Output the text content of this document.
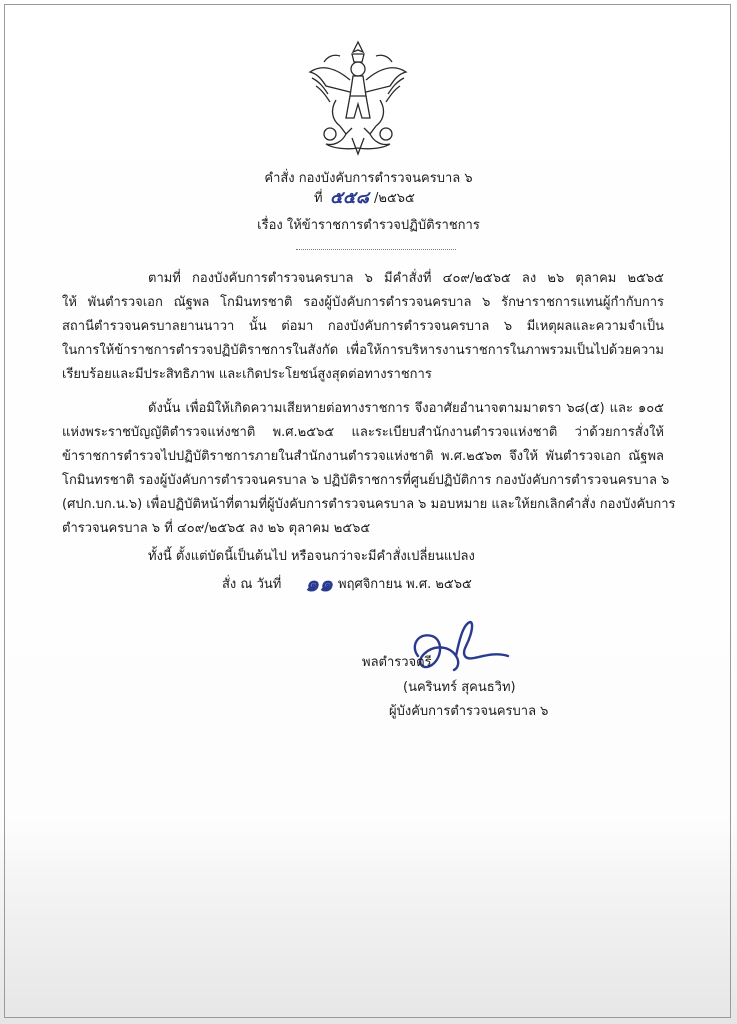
คำสั่ง กองบังคับการตำรวจนครบาล ๖
ที่ ๕๕๘ /๒๕๖๕
เรื่อง ให้ข้าราชการตำรวจปฏิบัติราชการ
ตามที่ กองบังคับการตำรวจนครบาล ๖ มีคำสั่งที่ ๔๐๙/๒๕๖๕ ลง ๒๖ ตุลาคม ๒๕๖๕
ให้ พันตำรวจเอก ณัฐพล โกมินทรชาติ รองผู้บังคับการตำรวจนครบาล ๖ รักษาราชการแทนผู้กำกับการ
สถานีตำรวจนครบาลยานนาวา นั้น ต่อมา กองบังคับการตำรวจนครบาล ๖ มีเหตุผลและความจำเป็น
ในการให้ข้าราชการตำรวจปฏิบัติราชการในสังกัด เพื่อให้การบริหารงานราชการในภาพรวมเป็นไปด้วยความ
เรียบร้อยและมีประสิทธิภาพ และเกิดประโยชน์สูงสุดต่อทางราชการ
ดังนั้น เพื่อมิให้เกิดความเสียหายต่อทางราชการ จึงอาศัยอำนาจตามมาตรา ๖๘(๕) และ ๑๐๕
แห่งพระราชบัญญัติตำรวจแห่งชาติ พ.ศ.๒๕๖๕ และระเบียบสำนักงานตำรวจแห่งชาติ ว่าด้วยการสั่งให้
ข้าราชการตำรวจไปปฏิบัติราชการภายในสำนักงานตำรวจแห่งชาติ พ.ศ.๒๕๖๓ จึงให้ พันตำรวจเอก ณัฐพล
โกมินทรชาติ รองผู้บังคับการตำรวจนครบาล ๖ ปฏิบัติราชการที่ศูนย์ปฏิบัติการ กองบังคับการตำรวจนครบาล ๖
(ศปก.บก.น.๖) เพื่อปฏิบัติหน้าที่ตามที่ผู้บังคับการตำรวจนครบาล ๖ มอบหมาย และให้ยกเลิกคำสั่ง กองบังคับการ
ตำรวจนครบาล ๖ ที่ ๔๐๙/๒๕๖๕ ลง ๒๖ ตุลาคม ๒๕๖๕
ทั้งนี้ ตั้งแต่บัดนี้เป็นต้นไป หรือจนกว่าจะมีคำสั่งเปลี่ยนแปลง
สั่ง ณ วันที่ ๑๑ พฤศจิกายน พ.ศ. ๒๕๖๕
พลตำรวจตรี
(นครินทร์ สุคนธวิท)
ผู้บังคับการตำรวจนครบาล ๖
